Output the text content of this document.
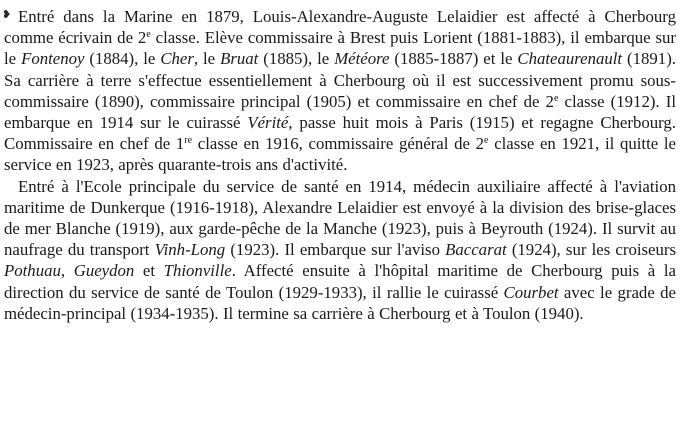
❥ Entré dans la Marine en 1879, Louis-Alexandre-Auguste Lelaidier est affecté à Cherbourg comme écrivain de 2e classe. Elève commissaire à Brest puis Lorient (1881-1883), il embarque sur le Fontenoy (1884), le Cher, le Bruat (1885), le Météore (1885-1887) et le Chateaurenault (1891). Sa carrière à terre s'effectue essentiellement à Cherbourg où il est successivement promu sous-commissaire (1890), commissaire principal (1905) et commissaire en chef de 2e classe (1912). Il embarque en 1914 sur le cuirassé Vérité, passe huit mois à Paris (1915) et regagne Cherbourg. Commissaire en chef de 1re classe en 1916, commissaire général de 2e classe en 1921, il quitte le service en 1923, après quarante-trois ans d'activité.

Entré à l'Ecole principale du service de santé en 1914, médecin auxiliaire affecté à l'aviation maritime de Dunkerque (1916-1918), Alexandre Lelaidier est envoyé à la division des brise-glaces de mer Blanche (1919), aux garde-pêche de la Manche (1923), puis à Beyrouth (1924). Il survit au naufrage du transport Vinh-Long (1923). Il embarque sur l'aviso Baccarat (1924), sur les croiseurs Pothuau, Gueydon et Thionville. Affecté ensuite à l'hôpital maritime de Cherbourg puis à la direction du service de santé de Toulon (1929-1933), il rallie le cuirassé Courbet avec le grade de médecin-principal (1934-1935). Il termine sa carrière à Cherbourg et à Toulon (1940).
